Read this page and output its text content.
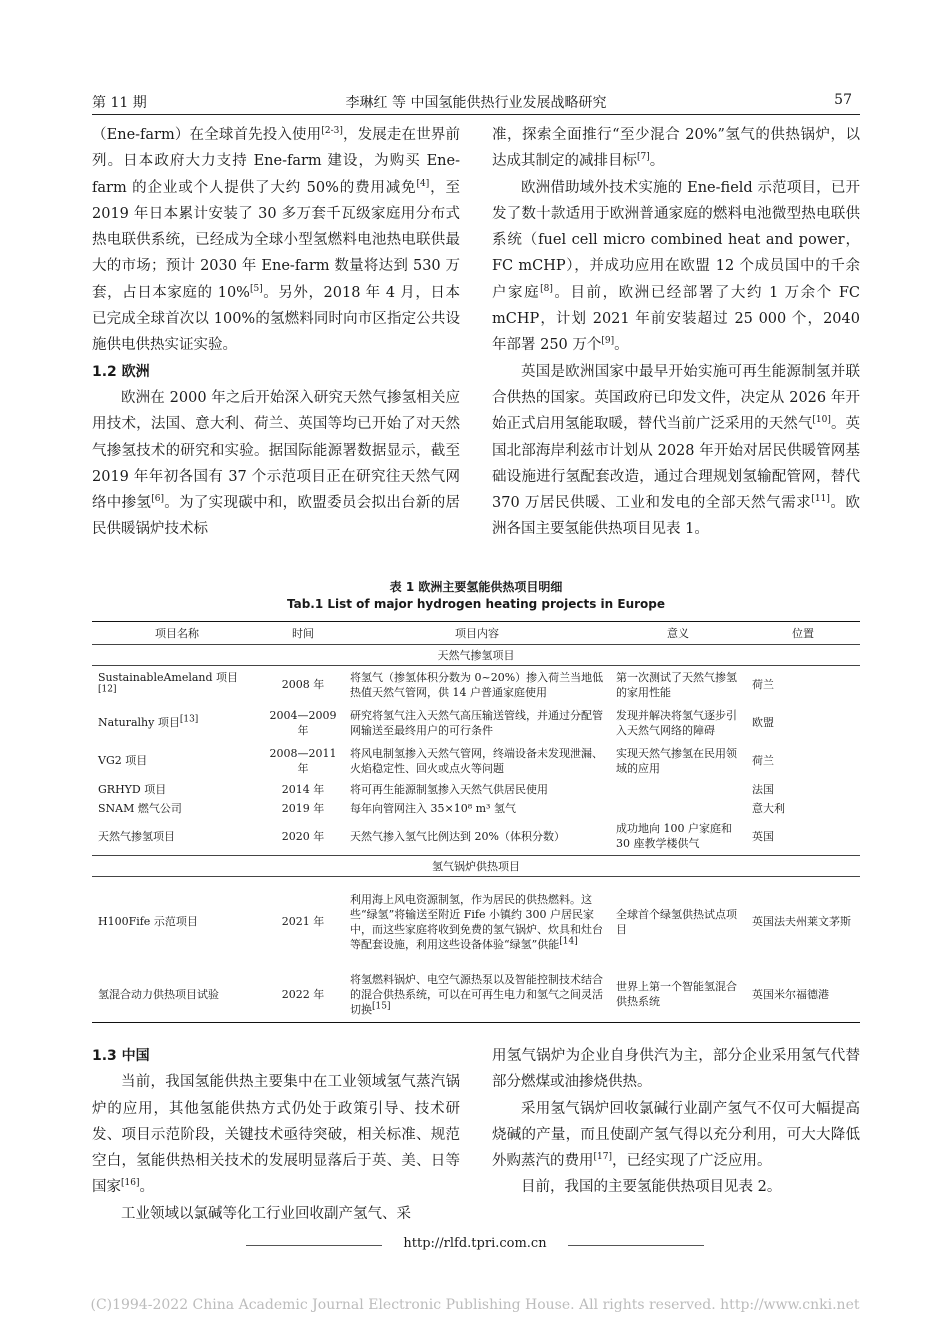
第 11 期	李琳红 等 中国氢能供热行业发展战略研究	57

（Ene-farm）在全球首先投入使用[2-3]，发展走在世界前列。日本政府大力支持 Ene-farm 建设，为购买 Ene-farm 的企业或个人提供了大约 50%的费用减免[4]，至 2019 年日本累计安装了 30 多万套千瓦级家庭用分布式热电联供系统，已经成为全球小型氢燃料电池热电联供最大的市场；预计 2030 年 Ene-farm 数量将达到 530 万套，占日本家庭的 10%[5]。另外，2018 年 4 月，日本已完成全球首次以 100%的氢燃料同时向市区指定公共设施供电供热实证实验。

1.2 欧洲

欧洲在 2000 年之后开始深入研究天然气掺氢相关应用技术，法国、意大利、荷兰、英国等均已开始了对天然气掺氢技术的研究和实验。据国际能源署数据显示，截至 2019 年年初各国有 37 个示范项目正在研究往天然气网络中掺氢[6]。为了实现碳中和，欧盟委员会拟出台新的居民供暖锅炉技术标

准，探索全面推行“至少混合 20%”氢气的供热锅炉，以达成其制定的减排目标[7]。

欧洲借助域外技术实施的 Ene-field 示范项目，已开发了数十款适用于欧洲普通家庭的燃料电池微型热电联供系统（fuel cell micro combined heat and power，FC mCHP），并成功应用在欧盟 12 个成员国中的千余户家庭[8]。目前，欧洲已经部署了大约 1 万余个 FC mCHP，计划 2021 年前安装超过 25 000 个，2040 年部署 250 万个[9]。

英国是欧洲国家中最早开始实施可再生能源制氢并联合供热的国家。英国政府已印发文件，决定从 2026 年开始正式启用氢能取暖，替代当前广泛采用的天然气[10]。英国北部海岸利兹市计划从 2028 年开始对居民供暖管网基础设施进行氢配套改造，通过合理规划氢输配管网，替代 370 万居民供暖、工业和发电的全部天然气需求[11]。欧洲各国主要氢能供热项目见表 1。

表 1 欧洲主要氢能供热项目明细
Tab.1 List of major hydrogen heating projects in Europe
项目名称	时间	项目内容	意义	位置
天然气掺氢项目				
SustainableAmeland 项目[12]	2008 年	将氢气（掺氢体积分数为 0~20%）掺入荷兰当地低热值天然气管网，供 14 户普通家庭使用	第一次测试了天然气掺氢的家用性能	荷兰
Naturalhy 项目[13]	2004—2009 年	研究将氢气注入天然气高压输送管线，并通过分配管网输送至最终用户的可行条件	发现并解决将氢气逐步引入天然气网络的障碍	欧盟
VG2 项目	2008—2011 年	将风电制氢掺入天然气管网，终端设备未发现泄漏、火焰稳定性、回火或点火等问题	实现天然气掺氢在民用领域的应用	荷兰
GRHYD 项目	2014 年	将可再生能源制氢掺入天然气供居民使用		法国
SNAM 燃气公司	2019 年	每年向管网注入 35×10⁸ m³ 氢气		意大利
天然气掺氢项目	2020 年	天然气掺入氢气比例达到 20%（体积分数）	成功地向 100 户家庭和 30 座教学楼供气	英国
氢气锅炉供热项目				
H100Fife 示范项目	2021 年	利用海上风电资源制氢，作为居民的供热燃料。这些“绿氢”将输送至附近 Fife 小镇约 300 户居民家中，而这些家庭将收到免费的氢气锅炉、炊具和灶台等配套设施，利用这些设备体验“绿氢”供能[14]	全球首个绿氢供热试点项目	英国法夫州莱文茅斯
氢混合动力供热项目试验	2022 年	将氢燃料锅炉、电空气源热泵以及智能控制技术结合的混合供热系统，可以在可再生电力和氢气之间灵活切换[15]	世界上第一个智能氢混合供热系统	英国米尔福德港

1.3 中国

当前，我国氢能供热主要集中在工业领域氢气蒸汽锅炉的应用，其他氢能供热方式仍处于政策引导、技术研发、项目示范阶段，关键技术亟待突破，相关标准、规范空白，氢能供热相关技术的发展明显落后于英、美、日等国家[16]。

工业领域以氯碱等化工行业回收副产氢气、采

用氢气锅炉为企业自身供汽为主，部分企业采用氢气代替部分燃煤或油掺烧供热。

采用氢气锅炉回收氯碱行业副产氢气不仅可大幅提高烧碱的产量，而且使副产氢气得以充分利用，可大大降低外购蒸汽的费用[17]，已经实现了广泛应用。

目前，我国的主要氢能供热项目见表 2。

http://rlfd.tpri.com.cn
(C)1994-2022 China Academic Journal Electronic Publishing House. All rights reserved. http://www.cnki.net
